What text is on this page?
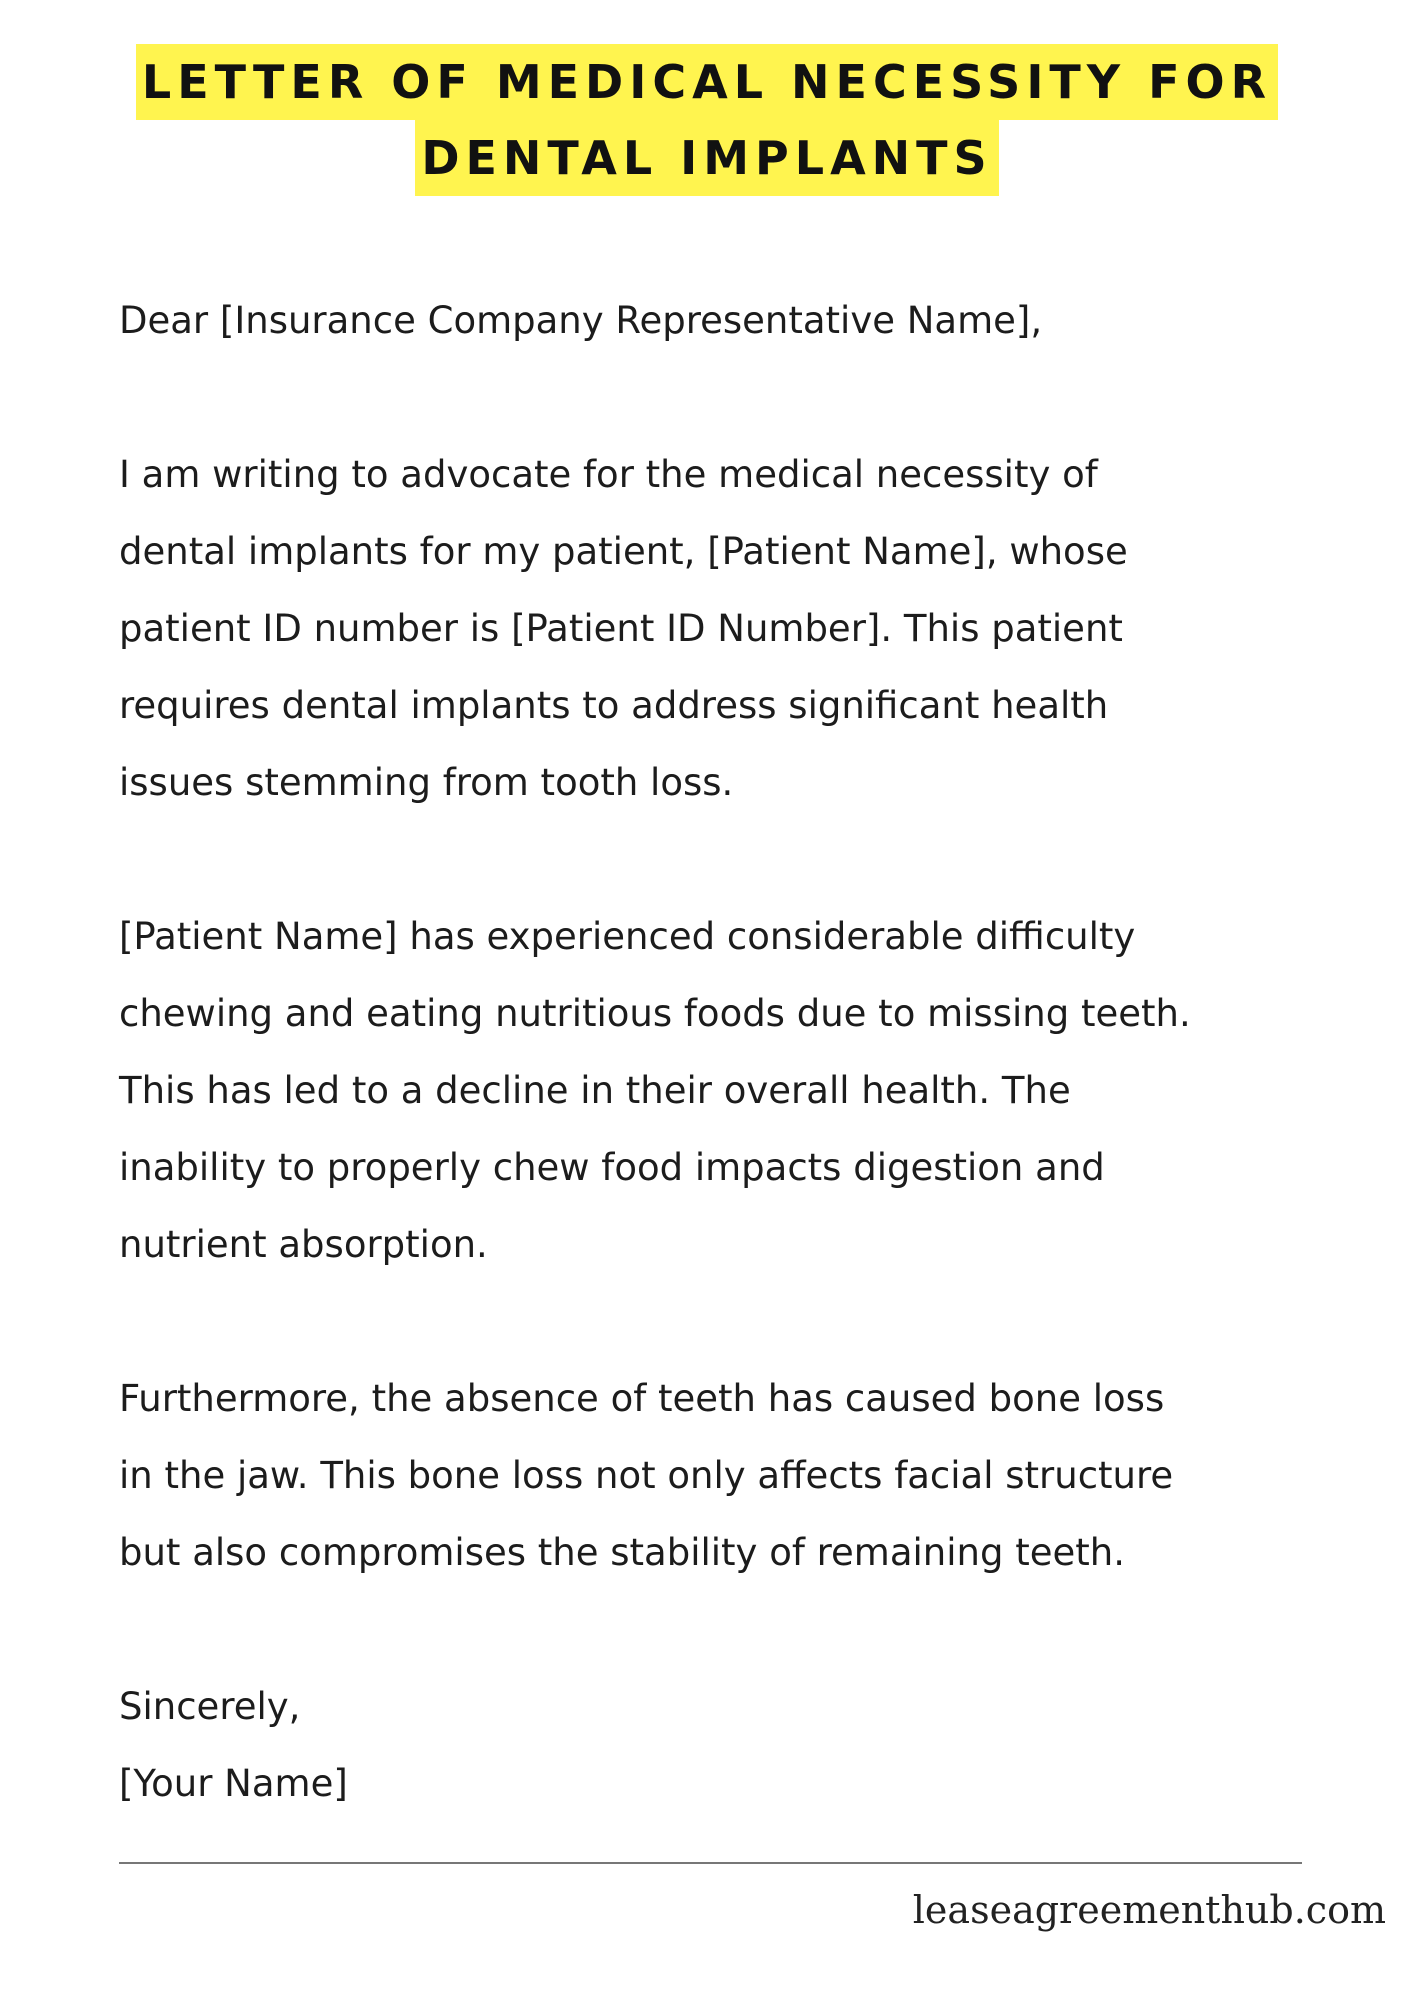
LETTER OF MEDICAL NECESSITY FOR
DENTAL IMPLANTS
Dear [Insurance Company Representative Name],
I am writing to advocate for the medical necessity of
dental implants for my patient, [Patient Name], whose
patient ID number is [Patient ID Number]. This patient
requires dental implants to address significant health
issues stemming from tooth loss.
[Patient Name] has experienced considerable difficulty
chewing and eating nutritious foods due to missing teeth.
This has led to a decline in their overall health. The
inability to properly chew food impacts digestion and
nutrient absorption.
Furthermore, the absence of teeth has caused bone loss
in the jaw. This bone loss not only affects facial structure
but also compromises the stability of remaining teeth.
Sincerely,
[Your Name]
leaseagreementhub.com
